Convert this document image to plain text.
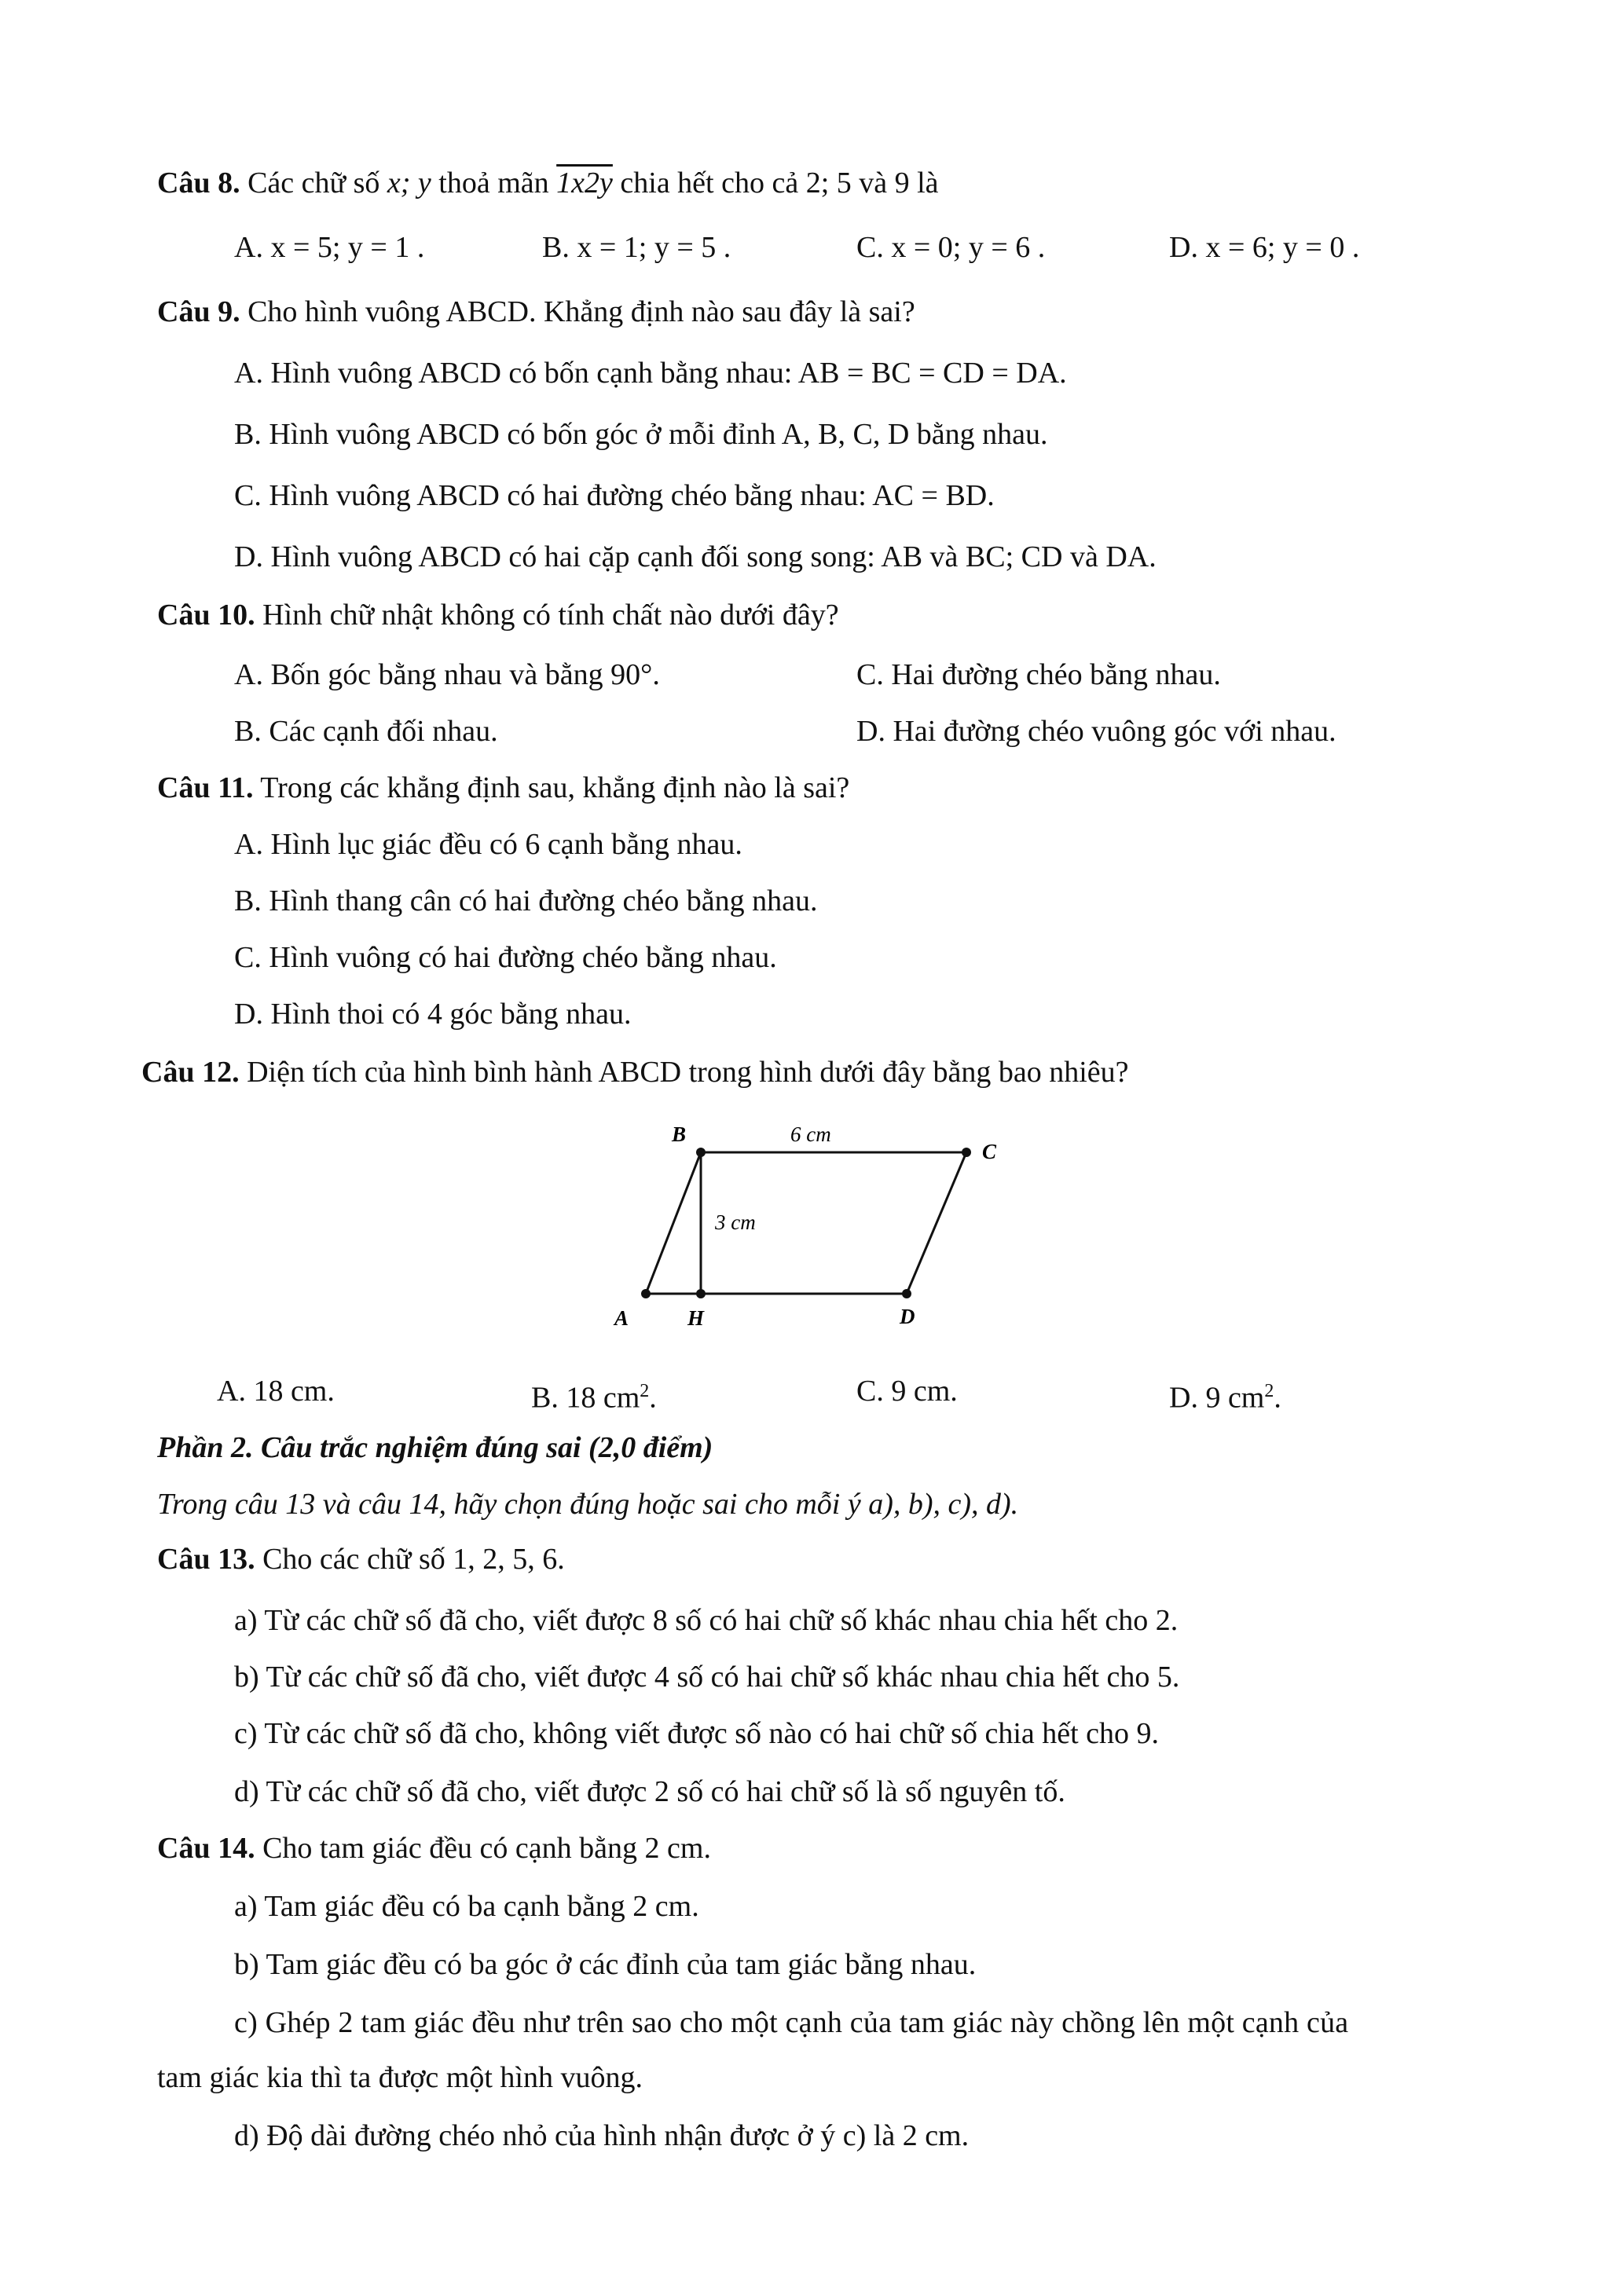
Câu 8. Các chữ số x; y thoả mãn 1x2y chia hết cho cả 2; 5 và 9 là
A. x = 5; y = 1 .	B. x = 1; y = 5 .	C. x = 0; y = 6 .	D. x = 6; y = 0 .
Câu 9. Cho hình vuông ABCD. Khẳng định nào sau đây là sai?
A. Hình vuông ABCD có bốn cạnh bằng nhau: AB = BC = CD = DA.
B. Hình vuông ABCD có bốn góc ở mỗi đỉnh A, B, C, D bằng nhau.
C. Hình vuông ABCD có hai đường chéo bằng nhau: AC = BD.
D. Hình vuông ABCD có hai cặp cạnh đối song song: AB và BC; CD và DA.
Câu 10. Hình chữ nhật không có tính chất nào dưới đây?
A. Bốn góc bằng nhau và bằng 90°.	C. Hai đường chéo bằng nhau.
B. Các cạnh đối nhau.	D. Hai đường chéo vuông góc với nhau.
Câu 11. Trong các khẳng định sau, khẳng định nào là sai?
A. Hình lục giác đều có 6 cạnh bằng nhau.
B. Hình thang cân có hai đường chéo bằng nhau.
C. Hình vuông có hai đường chéo bằng nhau.
D. Hình thoi có 4 góc bằng nhau.
Câu 12. Diện tích của hình bình hành ABCD trong hình dưới đây bằng bao nhiêu?
B
C
D
A	H
6 cm
3 cm
A. 18 cm.	B. 18 $cm^2$.	C. 9 cm.	D. 9 $cm^2$.
Phần 2. Câu trắc nghiệm đúng sai (2,0 điểm)
Trong câu 13 và câu 14, hãy chọn đúng hoặc sai cho mỗi ý a), b), c), d).
Câu 13. Cho các chữ số 1, 2, 5, 6.
a) Từ các chữ số đã cho, viết được 8 số có hai chữ số khác nhau chia hết cho 2.
b) Từ các chữ số đã cho, viết được 4 số có hai chữ số khác nhau chia hết cho 5.
c) Từ các chữ số đã cho, không viết được số nào có hai chữ số chia hết cho 9.
d) Từ các chữ số đã cho, viết được 2 số có hai chữ số là số nguyên tố.
Câu 14. Cho tam giác đều có cạnh bằng 2 cm.
a) Tam giác đều có ba cạnh bằng 2 cm.
b) Tam giác đều có ba góc ở các đỉnh của tam giác bằng nhau.
c) Ghép 2 tam giác đều như trên sao cho một cạnh của tam giác này chồng lên một cạnh của
tam giác kia thì ta được một hình vuông.
d) Độ dài đường chéo nhỏ của hình nhận được ở ý c) là 2 cm.
